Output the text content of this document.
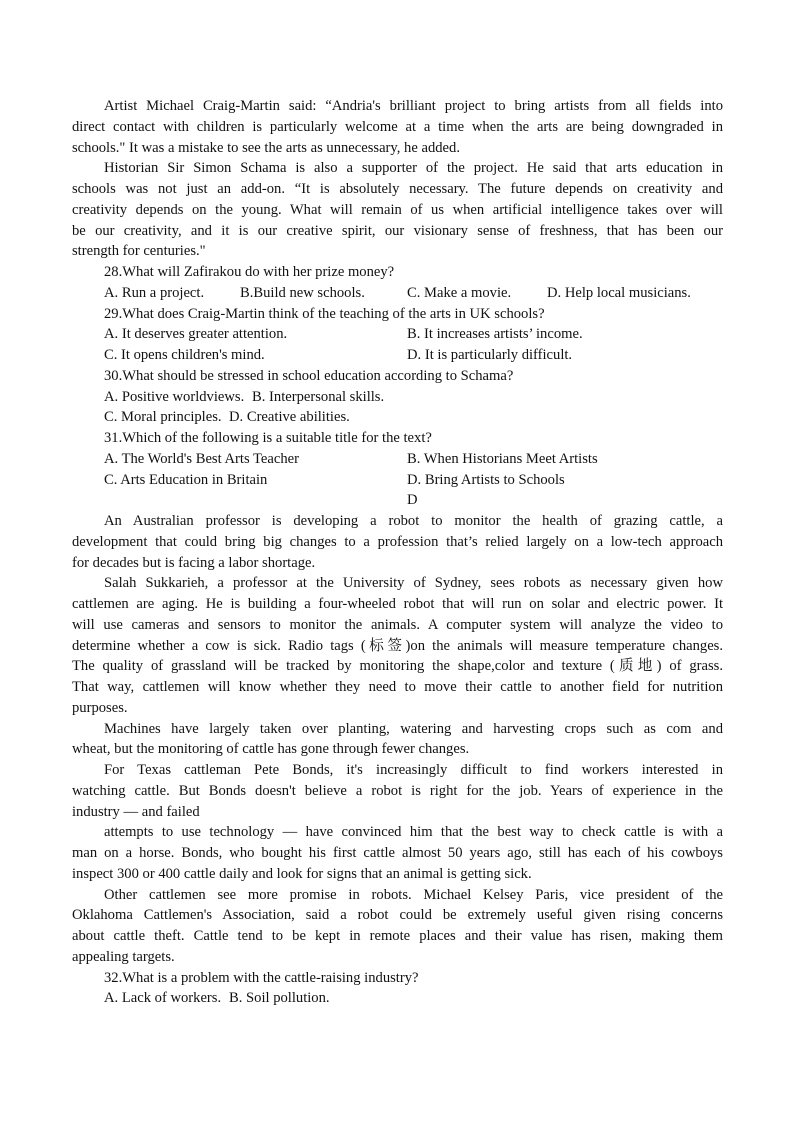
Artist Michael Craig-Martin said: “Andria's brilliant project to bring artists from all fields into
direct contact with children is particularly welcome at a time when the arts are being downgraded in
schools." It was a mistake to see the arts as unnecessary, he added.
Historian Sir Simon Schama is also a supporter of the project. He said that arts education in
schools was not just an add-on. “It is absolutely necessary. The future depends on creativity and
creativity depends on the young. What will remain of us when artificial intelligence takes over will
be our creativity, and it is our creative spirit, our visionary sense of freshness, that has been our
strength for centuries."
28.What will Zafirakou do with her prize money?
A. Run a project. B.Build new schools.	C. Make a movie. D. Help local musicians.
29.What does Craig-Martin think of the teaching of the arts in UK schools?
A. It deserves greater attention.	B. It increases artists’ income.
C. It opens children's mind.	D. It is particularly difficult.
30.What should be stressed in school education according to Schama?
A. Positive worldviews. B. Interpersonal skills.
C. Moral principles. D. Creative abilities.
31.Which of the following is a suitable title for the text?
A. The World's Best Arts Teacher	B. When Historians Meet Artists
C. Arts Education in Britain	D. Bring Artists to Schools
D
An Australian professor is developing a robot to monitor the health of grazing cattle, a
development that could bring big changes to a profession that’s relied largely on a low-tech approach
for decades but is facing a labor shortage.
Salah Sukkarieh, a professor at the University of Sydney, sees robots as necessary given how
cattlemen are aging. He is building a four-wheeled robot that will run on solar and electric power. It
will use cameras and sensors to monitor the animals. A computer system will analyze the video to
determine whether a cow is sick. Radio tags (标签)on the animals will measure temperature changes.
The quality of grassland will be tracked by monitoring the shape,color and texture (质地) of grass.
That way, cattlemen will know whether they need to move their cattle to another field for nutrition
purposes.
Machines have largely taken over planting, watering and harvesting crops such as com and
wheat, but the monitoring of cattle has gone through fewer changes.
For Texas cattleman Pete Bonds, it's increasingly difficult to find workers interested in
watching cattle. But Bonds doesn't believe a robot is right for the job. Years of experience in the
industry — and failed
attempts to use technology — have convinced him that the best way to check cattle is with a
man on a horse. Bonds, who bought his first cattle almost 50 years ago, still has each of his cowboys
inspect 300 or 400 cattle daily and look for signs that an animal is getting sick.
Other cattlemen see more promise in robots. Michael Kelsey Paris, vice president of the
Oklahoma Cattlemen's Association, said a robot could be extremely useful given rising concerns
about cattle theft. Cattle tend to be kept in remote places and their value has risen, making them
appealing targets.
32.What is a problem with the cattle-raising industry?
A. Lack of workers. B. Soil pollution.
